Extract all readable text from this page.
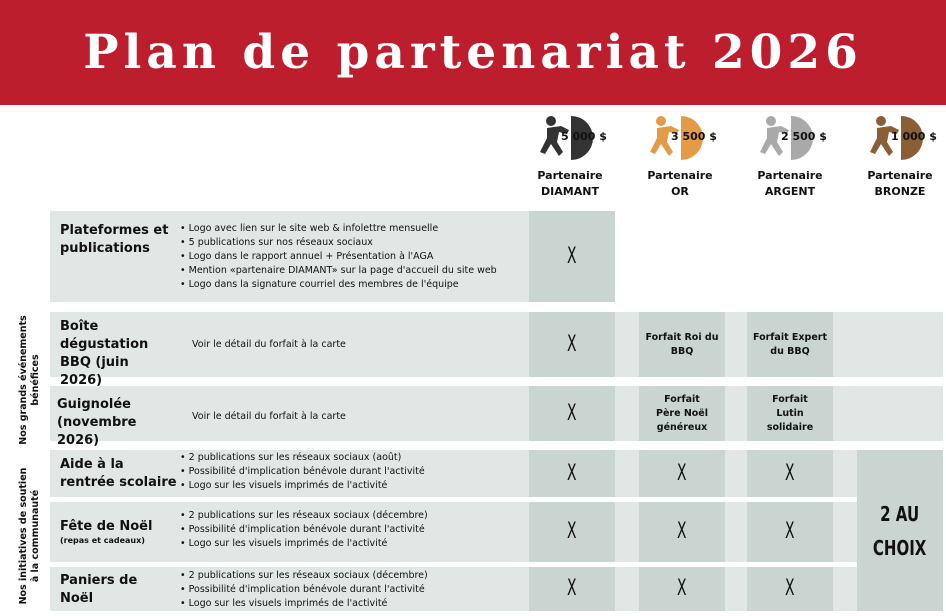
Plan de partenariat 2026
5 000 $
Partenaire
DIAMANT
3 500 $
Partenaire
OR
2 500 $
Partenaire
ARGENT
1 000 $
Partenaire
BRONZE
Nos grands événements
bénéfices
Nos initiatives de soutien
à la communauté
Plateformes et publications
• Logo avec lien sur le site web & infolettre mensuelle
• 5 publications sur nos réseaux sociaux
• Logo dans le rapport annuel + Présentation à l'AGA
• Mention «partenaire DIAMANT» sur la page d'accueil du site web
• Logo dans la signature courriel des membres de l'équipe
Boîte dégustation BBQ (juin 2026)
Voir le détail du forfait à la carte
Guignolée (novembre 2026)
Voir le détail du forfait à la carte
Aide à la rentrée scolaire
• 2 publications sur les réseaux sociaux (août)
• Possibilité d'implication bénévole durant l'activité
• Logo sur les visuels imprimés de l'activité
Fête de Noël
(repas et cadeaux)
• 2 publications sur les réseaux sociaux (décembre)
• Possibilité d'implication bénévole durant l'activité
• Logo sur les visuels imprimés de l'activité
Paniers de Noël
• 2 publications sur les réseaux sociaux (décembre)
• Possibilité d'implication bénévole durant l'activité
• Logo sur les visuels imprimés de l'activité
X
X
X
X
X
X
Forfait Roi du BBQ
Forfait Père Noël généreux
X
X
X
Forfait Expert du BBQ
Forfait Lutin solidaire
X
X
X
2 AU
CHOIX
